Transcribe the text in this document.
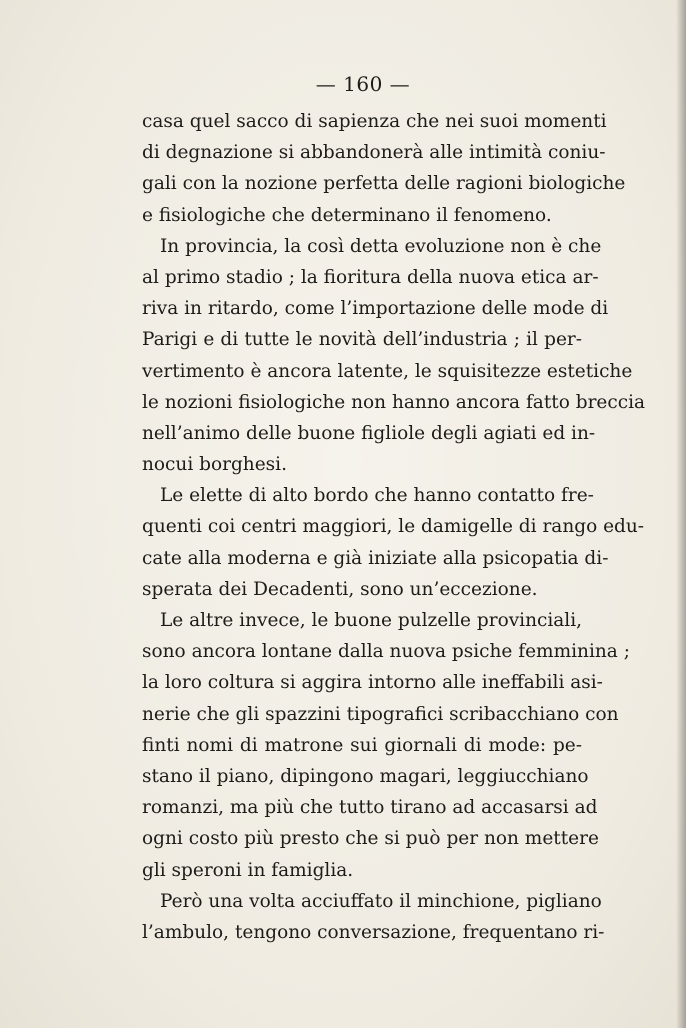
— 160 —
casa quel sacco di sapienza che nei suoi momenti
di degnazione si abbandonerà alle intimità coniu-
gali con la nozione perfetta delle ragioni biologiche
e fisiologiche che determinano il fenomeno.
In provincia, la così detta evoluzione non è che
al primo stadio ; la fioritura della nuova etica ar-
riva in ritardo, come l’importazione delle mode di
Parigi e di tutte le novità dell’industria ; il per-
vertimento è ancora latente, le squisitezze estetiche
le nozioni fisiologiche non hanno ancora fatto breccia
nell’animo delle buone figliole degli agiati ed in-
nocui borghesi.
Le elette di alto bordo che hanno contatto fre-
quenti coi centri maggiori, le damigelle di rango edu-
cate alla moderna e già iniziate alla psicopatia di-
sperata dei Decadenti, sono un’eccezione.
Le altre invece, le buone pulzelle provinciali,
sono ancora lontane dalla nuova psiche femminina ;
la loro coltura si aggira intorno alle ineffabili asi-
nerie che gli spazzini tipografici scribacchiano con
finti nomi di matrone sui giornali di mode: pe-
stano il piano, dipingono magari, leggiucchiano
romanzi, ma più che tutto tirano ad accasarsi ad
ogni costo più presto che si può per non mettere
gli speroni in famiglia.
Però una volta acciuffato il minchione, pigliano
l’ambulo, tengono conversazione, frequentano ri-
